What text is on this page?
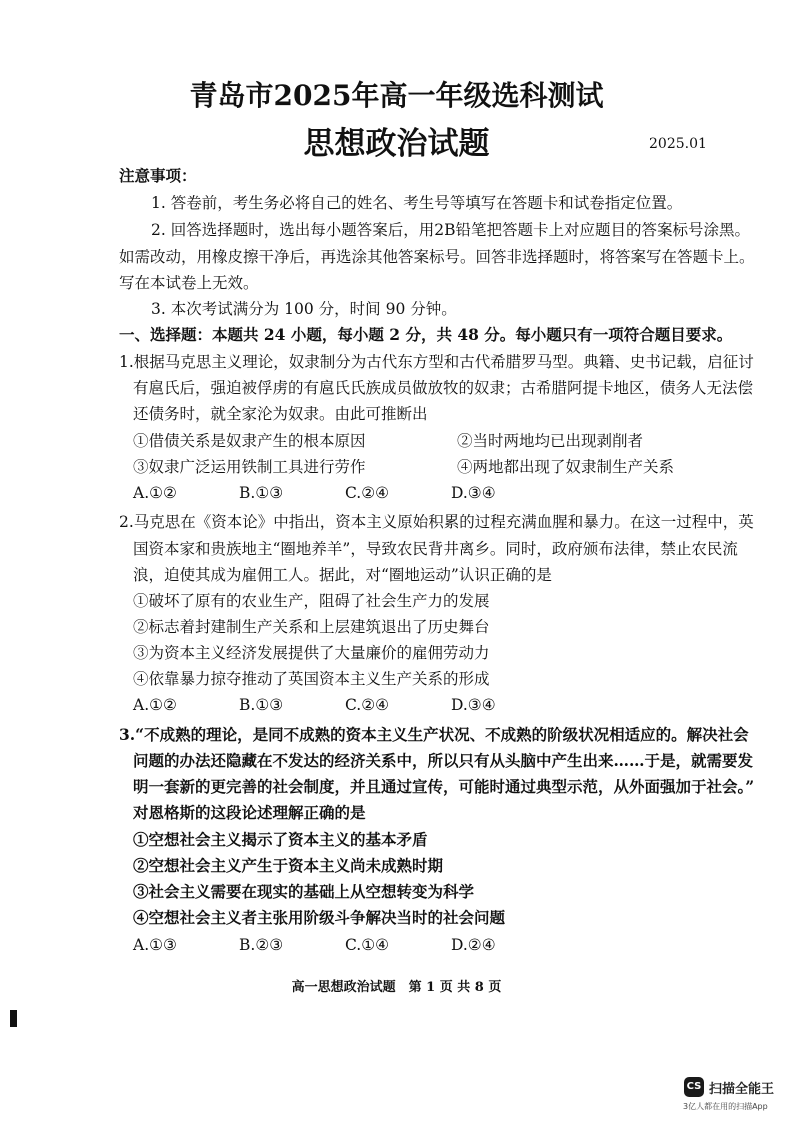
青岛市2025年高一年级选科测试
思想政治试题	2025.01
注意事项：
1. 答卷前，考生务必将自己的姓名、考生号等填写在答题卡和试卷指定位置。
2. 回答选择题时，选出每小题答案后，用2B铅笔把答题卡上对应题目的答案标号涂黑。
如需改动，用橡皮擦干净后，再选涂其他答案标号。回答非选择题时，将答案写在答题卡上。
写在本试卷上无效。
3. 本次考试满分为 100 分，时间 90 分钟。
一、选择题：本题共 24 小题，每小题 2 分，共 48 分。每小题只有一项符合题目要求。
1.根据马克思主义理论，奴隶制分为古代东方型和古代希腊罗马型。典籍、史书记载，启征讨
有扈氏后，强迫被俘虏的有扈氏氏族成员做放牧的奴隶；古希腊阿提卡地区，债务人无法偿
还债务时，就全家沦为奴隶。由此可推断出
①借债关系是奴隶产生的根本原因	②当时两地均已出现剥削者
③奴隶广泛运用铁制工具进行劳作	④两地都出现了奴隶制生产关系
A.①②	B.①③	C.②④	D.③④
2.马克思在《资本论》中指出，资本主义原始积累的过程充满血腥和暴力。在这一过程中，英
国资本家和贵族地主“圈地养羊”，导致农民背井离乡。同时，政府颁布法律，禁止农民流
浪，迫使其成为雇佣工人。据此，对“圈地运动”认识正确的是
①破坏了原有的农业生产，阻碍了社会生产力的发展
②标志着封建制生产关系和上层建筑退出了历史舞台
③为资本主义经济发展提供了大量廉价的雇佣劳动力
④依靠暴力掠夺推动了英国资本主义生产关系的形成
A.①②	B.①③	C.②④	D.③④
3.“不成熟的理论，是同不成熟的资本主义生产状况、不成熟的阶级状况相适应的。解决社会
问题的办法还隐藏在不发达的经济关系中，所以只有从头脑中产生出来……于是，就需要发
明一套新的更完善的社会制度，并且通过宣传，可能时通过典型示范，从外面强加于社会。”
对恩格斯的这段论述理解正确的是
①空想社会主义揭示了资本主义的基本矛盾
②空想社会主义产生于资本主义尚未成熟时期
③社会主义需要在现实的基础上从空想转变为科学
④空想社会主义者主张用阶级斗争解决当时的社会问题
A.①③	B.②③	C.①④	D.②④
高一思想政治试题　第 1 页 共 8 页
CS 扫描全能王
3亿人都在用的扫描App
